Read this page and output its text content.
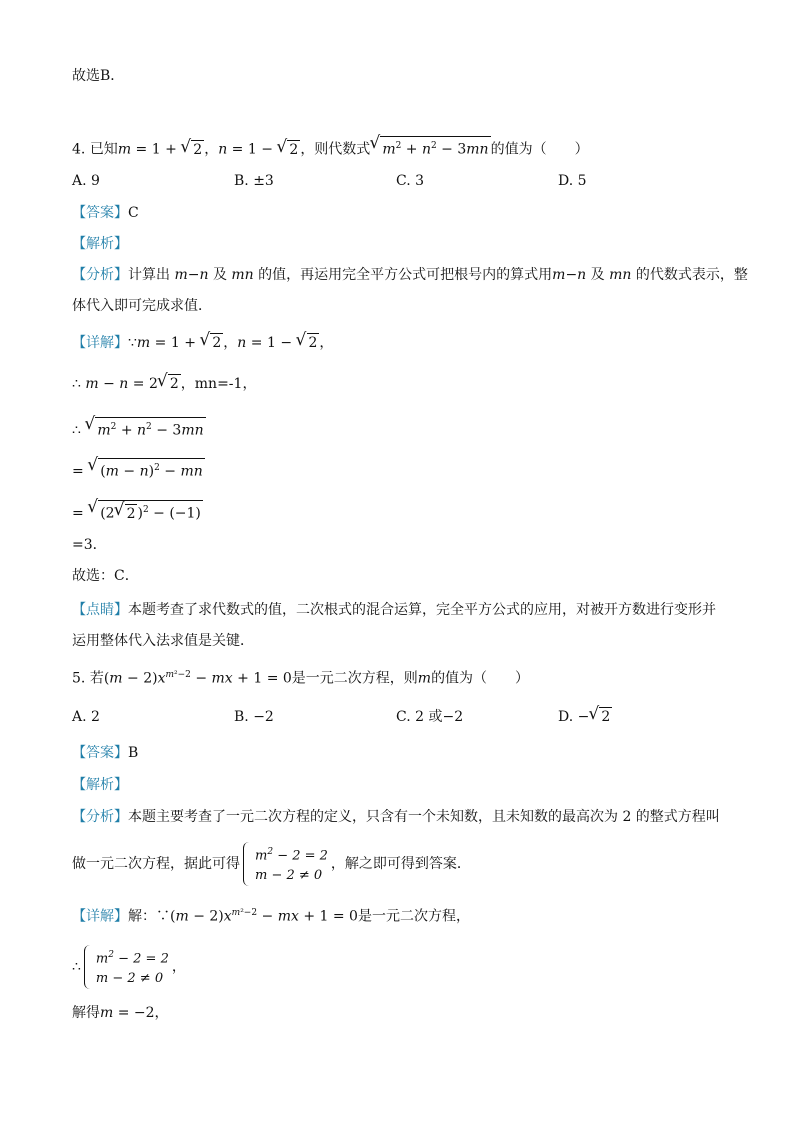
故选B．
4. 已知m = 1 + √ 2 ，n = 1 − √ 2 ，则代数式 √ $m^2 + n^2 - 3mn$ 的值为（　　）
A. 9	B. ±3	C. 3	D. 5
【答案】C
【解析】
【分析】计算出 m−n 及 mn 的值，再运用完全平方公式可把根号内的算式用m−n 及 mn 的代数式表示，整
体代入即可完成求值．
【详解】∵m = 1 + √ 2 ，n = 1 − √ 2 ，
∴ m − n = 2 √ 2 ，mn=-1，
∴ √ $m^2 + n^2 - 3mn$
= √ $(m - n)^2$ − mn
= √ (2 √ 2 )$^2$ − (−1)
=3．
故选：C．
【点睛】本题考查了求代数式的值，二次根式的混合运算，完全平方公式的应用，对被开方数进行变形并
运用整体代入法求值是关键．
5. 若$(m - 2)x^{m^2-2}$ − mx + 1 = 0是一元二次方程，则m的值为（　　）
A. 2	B. −2	C. 2 或−2	D. − √ 2
【答案】B
【解析】
【分析】本题主要考查了一元二次方程的定义，只含有一个未知数，且未知数的最高次为 2 的整式方程叫
做一元二次方程，据此可得
$m^2 - 2 = 2$
m − 2 ≠ 0
，解之即可得到答案．
【详解】解：∵(m − $2)x^{m^2-2}$ − mx + 1 = 0是一元二次方程，
∴
$m^2 - 2 = 2$
m − 2 ≠ 0
，
解得m = −2，
